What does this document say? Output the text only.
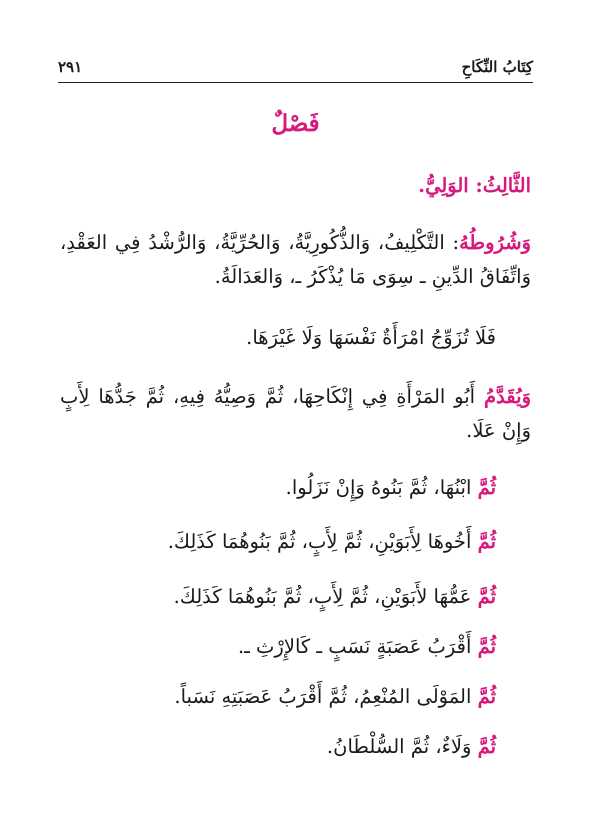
كِتَابُ النِّكَاحِ
٢٩١
فَصْلٌ
الثَّالِثُ: الوَلِيُّ.
وَشُرُوطُهُ: التَّكْلِيفُ، وَالذُّكُورِيَّةُ، وَالحُرِّيَّةُ، وَالرُّشْدُ فِي العَقْدِ، وَاتِّفَاقُ الدِّينِ ـ سِوَى مَا يُذْكَرُ ـ، وَالعَدَالَةُ.
فَلَا تُزَوِّجُ امْرَأَةٌ نَفْسَهَا وَلَا غَيْرَهَا.
وَيُقَدَّمُ أَبُو المَرْأَةِ فِي إِنْكَاحِهَا، ثُمَّ وَصِيُّهُ فِيهِ، ثُمَّ جَدُّهَا لِأَبٍ وَإِنْ عَلَا.
ثُمَّ ابْنُهَا، ثُمَّ بَنُوهُ وَإِنْ نَزَلُوا.
ثُمَّ أَخُوهَا لِأَبَوَيْنِ، ثُمَّ لِأَبٍ، ثُمَّ بَنُوهُمَا كَذَلِكَ.
ثُمَّ عَمُّهَا لأَبَوَيْنِ، ثُمَّ لِأَبٍ، ثُمَّ بَنُوهُمَا كَذَلِكَ.
ثُمَّ أَقْرَبُ عَصَبَةٍ نَسَبٍ ـ كَالإِرْثِ ـ.
ثُمَّ المَوْلَى المُنْعِمُ، ثُمَّ أَقْرَبُ عَصَبَتِهِ نَسَباً.
ثُمَّ وَلَاءٌ، ثُمَّ السُّلْطَانُ.
